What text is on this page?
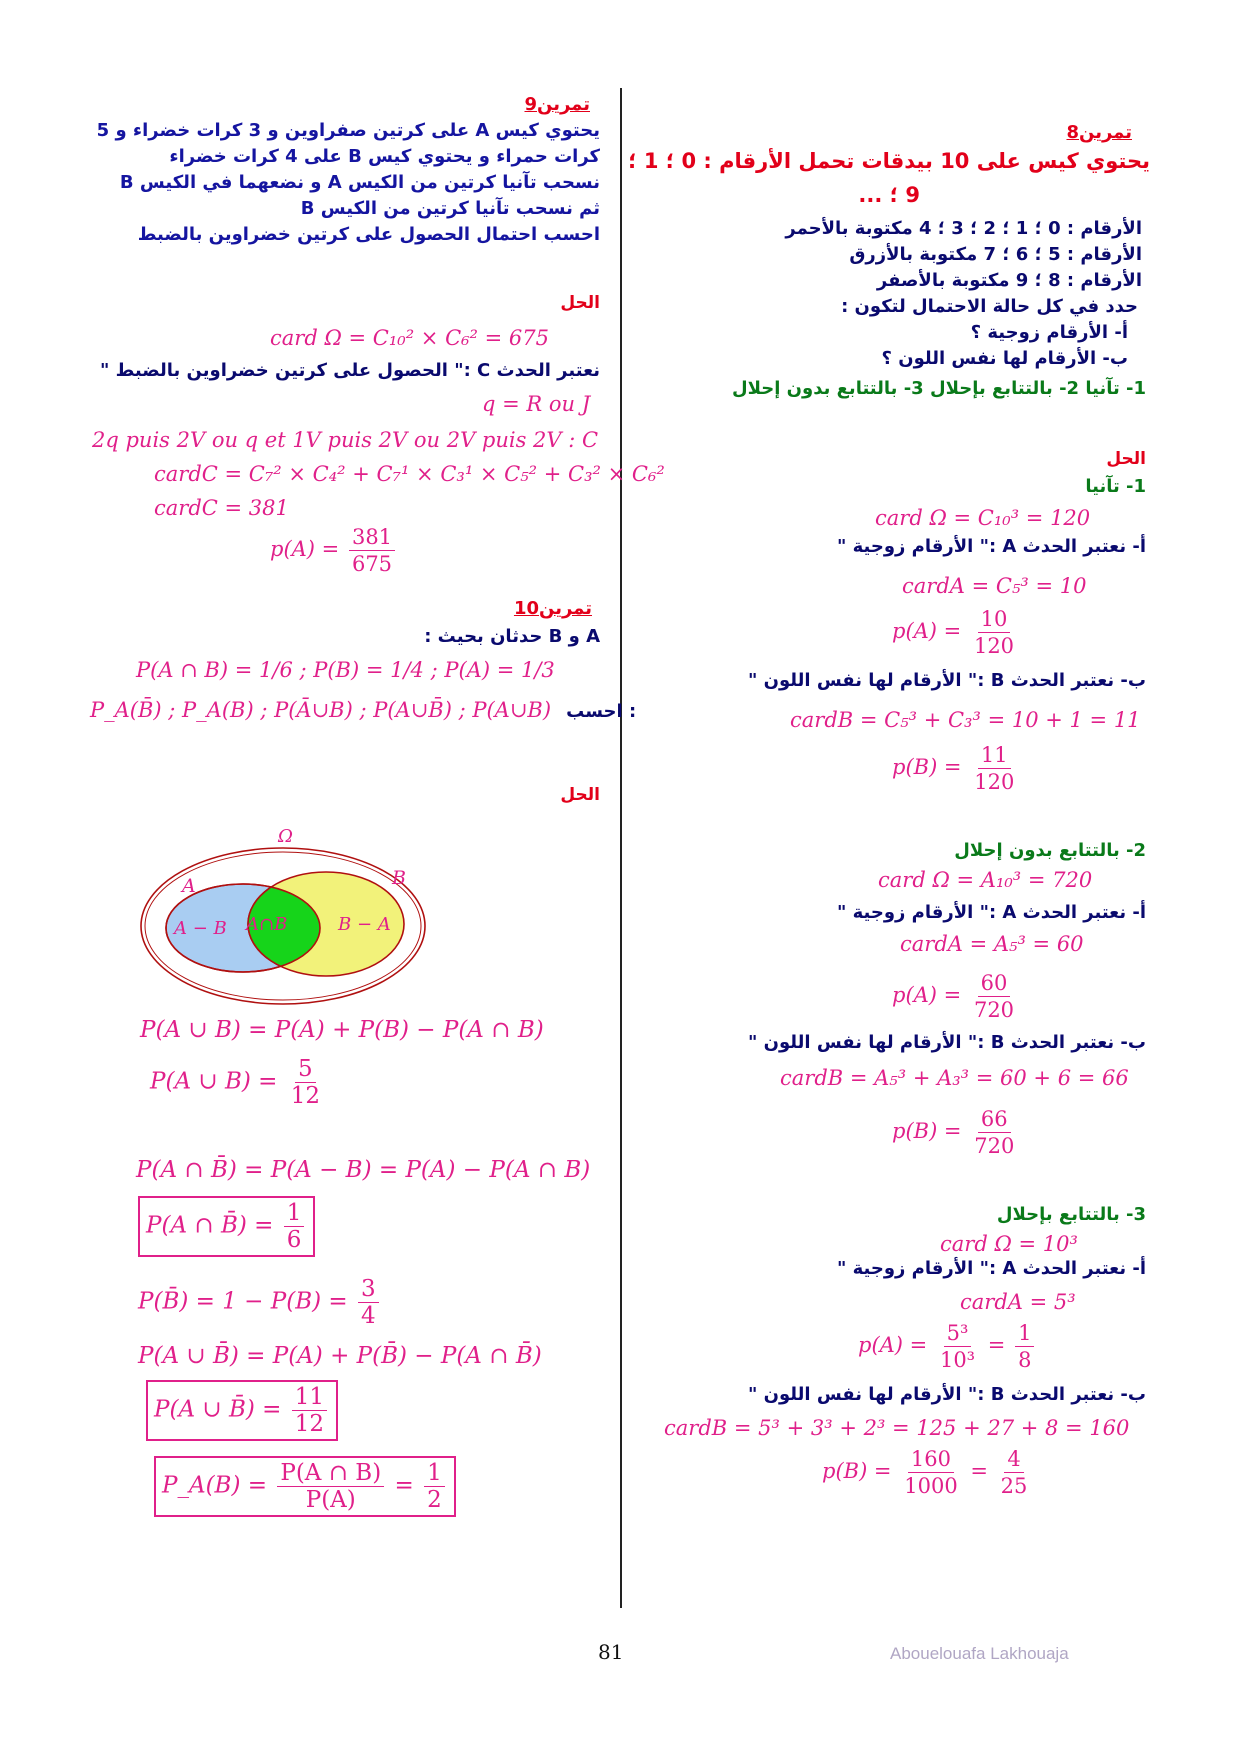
تمرين8
يحتوي كيس على 10 بيدقات تحمل الأرقام : 0 ؛ 1 ؛
9 ؛ ...
الأرقام : 0 ؛ 1 ؛ 2 ؛ 3 ؛ 4 مكتوبة بالأحمر
الأرقام : 5 ؛ 6 ؛ 7 مكتوبة بالأزرق
الأرقام : 8 ؛ 9 مكتوبة بالأصفر
حدد في كل حالة الاحتمال لتكون :
أ- الأرقام زوجية ؟
ب- الأرقام لها نفس اللون ؟
1- تآنيا 2- بالتتابع بإحلال 3- بالتتابع بدون إحلال
الحل
1- تآنيا
card Ω = C₁₀³ = 120
أ- نعتبر الحدث A :" الأرقام زوجية "
cardA = C₅³ = 10
$p(A) = \frac{10}{120}$
ب- نعتبر الحدث B :" الأرقام لها نفس اللون "
cardB = C₅³ + C₃³ = 10 + 1 = 11
$p(B) = \frac{11}{120}$
2- بالتتابع بدون إحلال
card Ω = A₁₀³ = 720
أ- نعتبر الحدث A :" الأرقام زوجية "
cardA = A₅³ = 60
$p(A) = \frac{60}{720}$
ب- نعتبر الحدث B :" الأرقام لها نفس اللون "
cardB = A₅³ + A₃³ = 60 + 6 = 66
$p(B) = \frac{66}{720}$
3- بالتتابع بإحلال
card Ω = 10³
أ- نعتبر الحدث A :" الأرقام زوجية "
cardA = 5³
$p(A) = \frac{\text{5³}}{\text{10³}} = \frac{1}{8}$
ب- نعتبر الحدث B :" الأرقام لها نفس اللون "
cardB = 5³ + 3³ + 2³ = 125 + 27 + 8 = 160
$p(B) = \frac{160}{1000} = \frac{4}{25}$
تمرين9
يحتوي كيس A على كرتين صفراوين و 3 كرات خضراء و 5
كرات حمراء و يحتوي كيس B على 4 كرات خضراء
نسحب تآنيا كرتين من الكيس A و نضعهما في الكيس B
ثم نسحب تآنيا كرتين من الكيس B
احسب احتمال الحصول على كرتين خضراوين بالضبط
الحل
card Ω = C₁₀² × C₆² = 675
نعتبر الحدث C :" الحصول على كرتين خضراوين بالضبط "
q = R ou J
2q puis 2V ou q et 1V puis 2V ou 2V puis 2V : C
cardC = C₇² × C₄² + C₇¹ × C₃¹ × C₅² + C₃² × C₆²
cardC = 381
$p(A) = \frac{381}{675}$
تمرين10
A و B حدثان بحيث :
P(A ∩ B) = 1/6 ; P(B) = 1/4 ; P(A) = 1/3
P_A(B̄) ; P_A(B) ; P(Ā∪B) ; P(A∪B̄) ; P(A∪B) احسب :
الحل
Ω
A	B
A − B A∩B	B − A
P(A ∪ B) = P(A) + P(B) − P(A ∩ B)
P(A ∪ $B) = \frac{5}{12}$
P(A ∩ B̄) = P(A − B) = P(A) − P(A ∩ B)
P(A ∩ B̄) = $\frac{1}{6}$
P(B̄) = $1 - P(B) = \frac{3}{4}$
P(A ∪ B̄) = P(A) + P(B̄) − P(A ∩ B̄)
P(A ∪ B̄) = $\frac{11}{12}$
P_A(B) = $\frac{P(A \cap B)}{P(A)} = \frac{1}{2}$
81	Abouelouafa Lakhouaja
